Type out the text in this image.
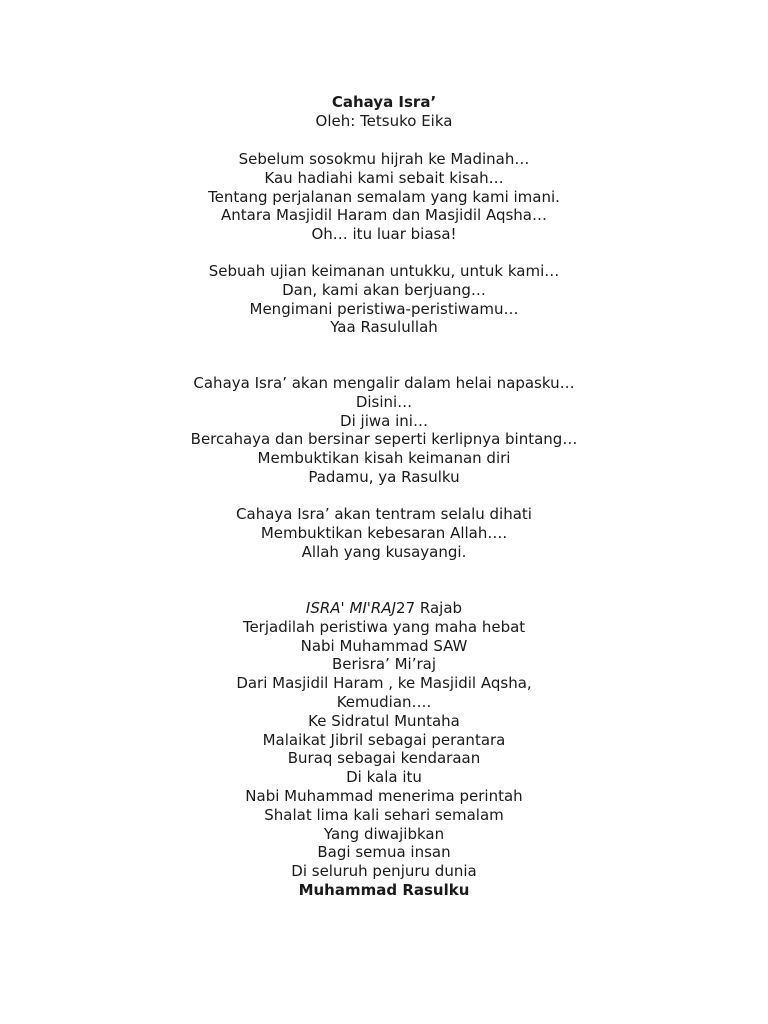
Cahaya Isra’
Oleh: Tetsuko Eika
Sebelum sosokmu hijrah ke Madinah…
Kau hadiahi kami sebait kisah…
Tentang perjalanan semalam yang kami imani.
Antara Masjidil Haram dan Masjidil Aqsha…
Oh… itu luar biasa!
Sebuah ujian keimanan untukku, untuk kami…
Dan, kami akan berjuang…
Mengimani peristiwa-peristiwamu…
Yaa Rasulullah
Cahaya Isra’ akan mengalir dalam helai napasku…
Disini…
Di jiwa ini…
Bercahaya dan bersinar seperti kerlipnya bintang…
Membuktikan kisah keimanan diri
Padamu, ya Rasulku
Cahaya Isra’ akan tentram selalu dihati
Membuktikan kebesaran Allah….
Allah yang kusayangi.
ISRA' MI'RAJ27 Rajab
Terjadilah peristiwa yang maha hebat
Nabi Muhammad SAW
Berisra’ Mi’raj
Dari Masjidil Haram , ke Masjidil Aqsha,
Kemudian….
Ke Sidratul Muntaha
Malaikat Jibril sebagai perantara
Buraq sebagai kendaraan
Di kala itu
Nabi Muhammad menerima perintah
Shalat lima kali sehari semalam
Yang diwajibkan
Bagi semua insan
Di seluruh penjuru dunia
Muhammad Rasulku
